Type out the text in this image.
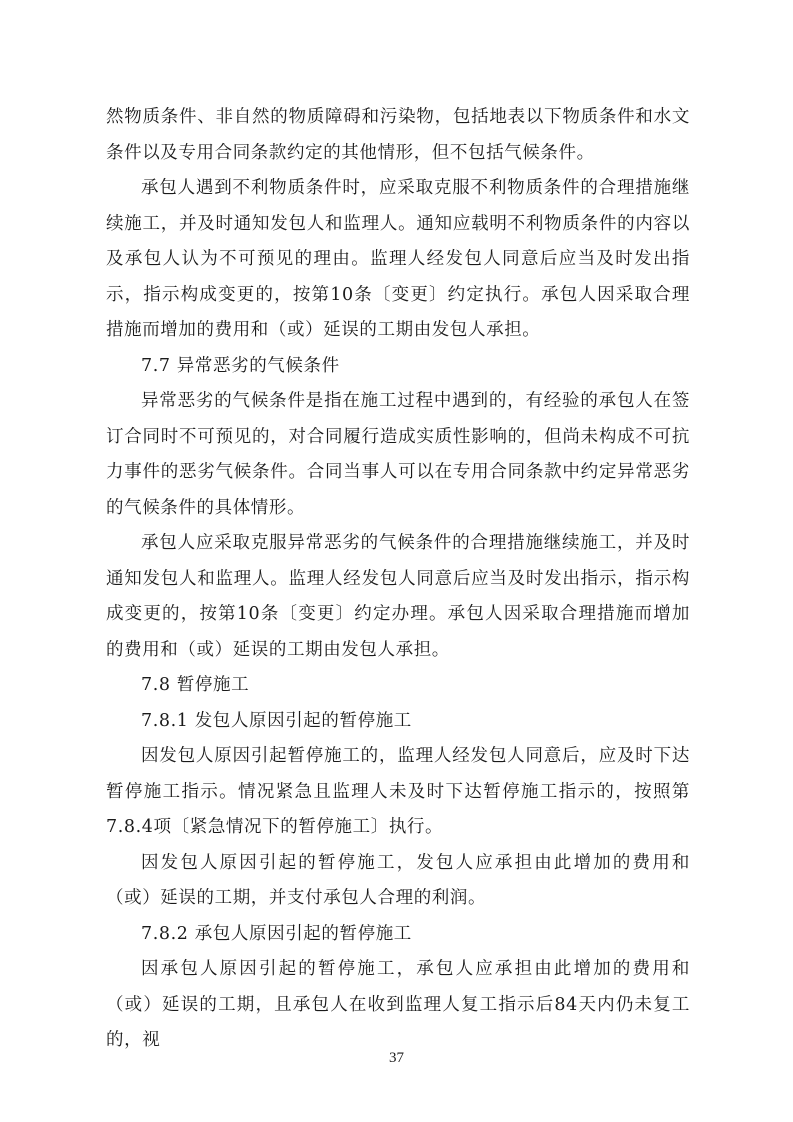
然物质条件、非自然的物质障碍和污染物，包括地表以下物质条件和水文条件以及专用合同条款约定的其他情形，但不包括气候条件。

承包人遇到不利物质条件时，应采取克服不利物质条件的合理措施继续施工，并及时通知发包人和监理人。通知应载明不利物质条件的内容以及承包人认为不可预见的理由。监理人经发包人同意后应当及时发出指示，指示构成变更的，按第10条〔变更〕约定执行。承包人因采取合理措施而增加的费用和（或）延误的工期由发包人承担。

7.7 异常恶劣的气候条件

异常恶劣的气候条件是指在施工过程中遇到的，有经验的承包人在签订合同时不可预见的，对合同履行造成实质性影响的，但尚未构成不可抗力事件的恶劣气候条件。合同当事人可以在专用合同条款中约定异常恶劣的气候条件的具体情形。

承包人应采取克服异常恶劣的气候条件的合理措施继续施工，并及时通知发包人和监理人。监理人经发包人同意后应当及时发出指示，指示构成变更的，按第10条〔变更〕约定办理。承包人因采取合理措施而增加的费用和（或）延误的工期由发包人承担。

7.8 暂停施工

7.8.1 发包人原因引起的暂停施工

因发包人原因引起暂停施工的，监理人经发包人同意后，应及时下达暂停施工指示。情况紧急且监理人未及时下达暂停施工指示的，按照第7.8.4项〔紧急情况下的暂停施工〕执行。

因发包人原因引起的暂停施工，发包人应承担由此增加的费用和（或）延误的工期，并支付承包人合理的利润。

7.8.2 承包人原因引起的暂停施工

因承包人原因引起的暂停施工，承包人应承担由此增加的费用和（或）延误的工期，且承包人在收到监理人复工指示后84天内仍未复工的，视

37
